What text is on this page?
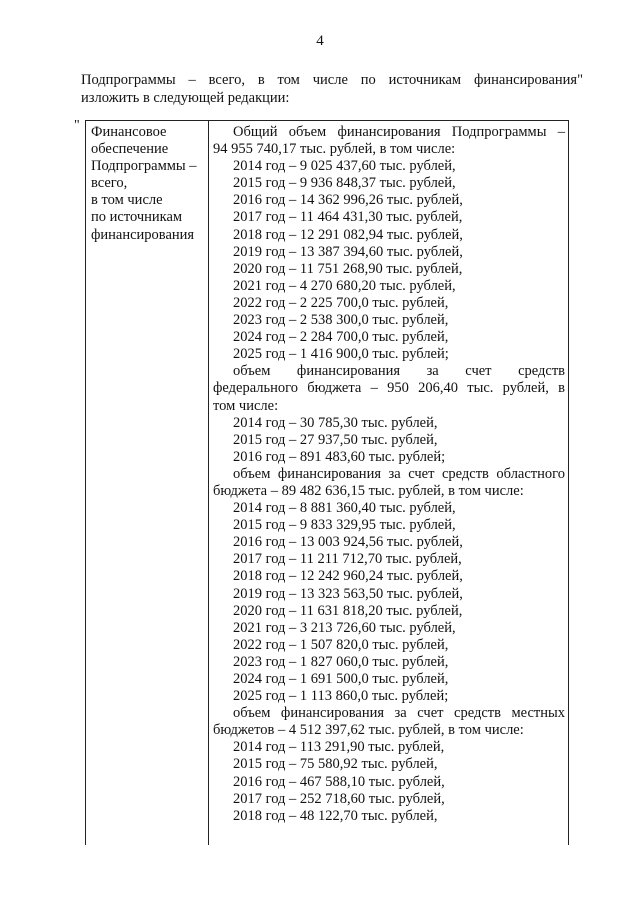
4
Подпрограммы – всего, в том числе по источникам финансирования"
изложить в следующей редакции:
" Финансовое
обеспечение
Подпрограммы –
всего,
в том числе
по источникам
финансирования
Общий объем финансирования Подпрограммы –
94 955 740,17 тыс. рублей, в том числе:
2014 год – 9 025 437,60 тыс. рублей,
2015 год – 9 936 848,37 тыс. рублей,
2016 год – 14 362 996,26 тыс. рублей,
2017 год – 11 464 431,30 тыс. рублей,
2018 год – 12 291 082,94 тыс. рублей,
2019 год – 13 387 394,60 тыс. рублей,
2020 год – 11 751 268,90 тыс. рублей,
2021 год – 4 270 680,20 тыс. рублей,
2022 год – 2 225 700,0 тыс. рублей,
2023 год – 2 538 300,0 тыс. рублей,
2024 год – 2 284 700,0 тыс. рублей,
2025 год – 1 416 900,0 тыс. рублей;
объем финансирования за счет средств
федерального бюджета – 950 206,40 тыс. рублей, в
том числе:
2014 год – 30 785,30 тыс. рублей,
2015 год – 27 937,50 тыс. рублей,
2016 год – 891 483,60 тыс. рублей;
объем финансирования за счет средств областного
бюджета – 89 482 636,15 тыс. рублей, в том числе:
2014 год – 8 881 360,40 тыс. рублей,
2015 год – 9 833 329,95 тыс. рублей,
2016 год – 13 003 924,56 тыс. рублей,
2017 год – 11 211 712,70 тыс. рублей,
2018 год – 12 242 960,24 тыс. рублей,
2019 год – 13 323 563,50 тыс. рублей,
2020 год – 11 631 818,20 тыс. рублей,
2021 год – 3 213 726,60 тыс. рублей,
2022 год – 1 507 820,0 тыс. рублей,
2023 год – 1 827 060,0 тыс. рублей,
2024 год – 1 691 500,0 тыс. рублей,
2025 год – 1 113 860,0 тыс. рублей;
объем финансирования за счет средств местных
бюджетов – 4 512 397,62 тыс. рублей, в том числе:
2014 год – 113 291,90 тыс. рублей,
2015 год – 75 580,92 тыс. рублей,
2016 год – 467 588,10 тыс. рублей,
2017 год – 252 718,60 тыс. рублей,
2018 год – 48 122,70 тыс. рублей,
